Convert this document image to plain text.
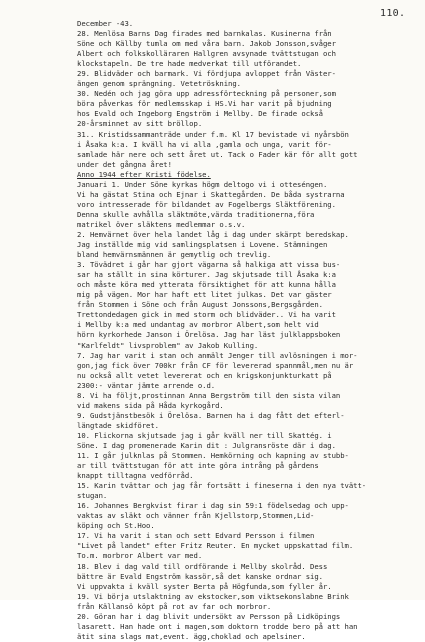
110.
December -43.
28. Menlösa Barns Dag firades med barnkalas. Kusinerna från
Söne och Källby tumla om med våra barn. Jakob Jonsson,svåger
Albert och folkskolläraren Hallgren avsynade tvättstugan och
klockstapeln. De tre hade medverkat till utförandet.
29. Blidväder och barmark. Vi fördjupa avloppet från Väster-
ängen genom sprängning. Vetetröskning.
30. Nedén och jag göra upp adressförteckning på personer,som
böra påverkas för medlemsskap i HS.Vi har varit på bjudning
hos Evald och Ingeborg Engström i Mellby. De firade också
20-årsminnet av sitt bröllop.
31.. Kristidssammanträde under f.m. Kl 17 bevistade vi nyårsbön
i Åsaka k:a. I kväll ha vi alla ,gamla och unga, varit för-
samlade här nere och sett året ut. Tack o Fader kär för allt gott
under det gångna året!
Anno 1944 efter Kristi födelse.
Januari 1. Under Söne kyrkas högm deltogo vi i otteséngen.
Vi ha gästat Stina och Ejnar i Skattegården. De båda systrarna
voro intresserade för bildandet av Fogelbergs Släktförening.
Denna skulle avhålla släktmöte,värda traditionerna,föra
matrikel över släktens medlemmar o.s.v.
2. Hemvärnet över hela landet låg i dag under skärpt beredskap.
Jag inställde mig vid samlingsplatsen i Lovene. Stämningen
bland hemvärnsmännen är gemytlig och trevlig.
3. Tövädret i går har gjort vägarna så halkiga att vissa bus-
sar ha ställt in sina körturer. Jag skjutsade till Åsaka k:a
och måste köra med ytterata försiktighet för att kunna hålla
mig på vägen. Mor har haft ett litet julkas. Det var gäster
från Stommen i Söne och från August Jonssons,Bergsgården.
Trettondedagen gick in med storm och blidväder.. Vi ha varit
i Mellby k:a med undantag av morbror Albert,som helt vid
hörn kyrkorhede Janson i Örelösa. Jag har läst julklappsboken
"Karlfeldt" livsproblem" av Jakob Kulling.
7. Jag har varit i stan och anmält Jenger till avlösningen i mor-
gon,jag fick över 700kr från CF för levererad spannmål,men nu är
nu också allt vetet levererat och en krigskonjunkturkatt på
2300:- väntar jämte arrende o.d.
8. Vi ha följt,prostinnan Anna Bergström till den sista vilan
vid makens sida på Håda kyrkogård.
9. Gudstjänstbesök i Örelösa. Barnen ha i dag fått det efterl-
längtade skidföret.
10. Flickorna skjutsade jag i går kväll ner till Skattég. i
Söne. I dag promenerade Karin dit : Julgransröste där i dag.
11. I går julknlas på Stommen. Hemkörning och kapning av stubb-
ar till tvättstugan för att inte göra intrång på gårdens
knappt tilltagna vedförråd.
15. Karin tvättar och jag får fortsätt i fineserna i den nya tvätt-
stugan.
16. Johannes Bergkvist firar i dag sin 59:1 födelsedag och upp-
vaktas av släkt och vänner från Kjellstorp,Stommen,Lid-
köping och St.Hoo.
17. Vi ha varit i stan och sett Edvard Persson i filmen
"Livet på landet" efter Fritz Reuter. En mycket uppskattad film.
To.m. morbror Albert var med.
18. Blev i dag vald till ordförande i Mellby skolråd. Dess
bättre är Evald Engström kassör,så det kanske ordnar sig.
Vi uppvakta i kväll syster Berta på Högfunda,som fyller år.
19. Vi börja utslaktning av ekstocker,som viktsekonslabne Brink
från Källansö köpt på rot av far och morbror.
20. Göran har i dag blivit undersökt av Persson på Lidköpings
lasarett. Han hade ont i magen,som doktorn trodde bero på att han
ätit sina slags mat,event. ägg,choklad och apelsiner.
